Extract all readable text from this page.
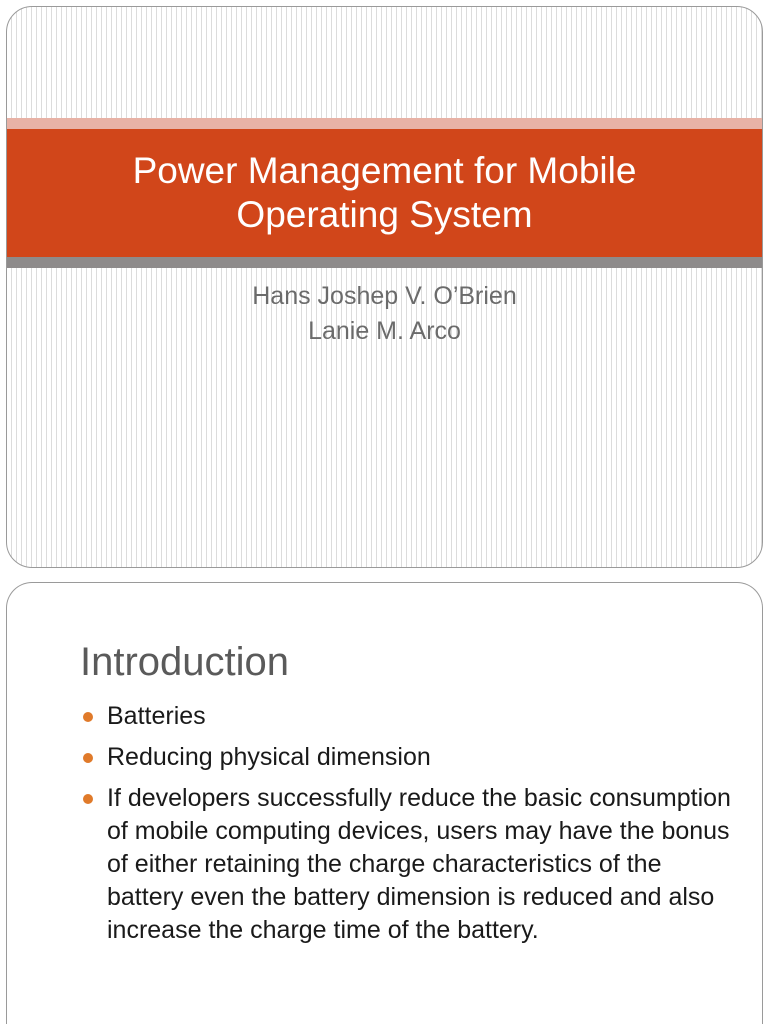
Power Management for Mobile
Operating System
Hans Joshep V. O’Brien
Lanie M. Arco
Introduction
Batteries
Reducing physical dimension
If developers successfully reduce the basic consumption of mobile computing devices, users may have the bonus of either retaining the charge characteristics of the battery even the battery dimension is reduced and also increase the charge time of the battery.
